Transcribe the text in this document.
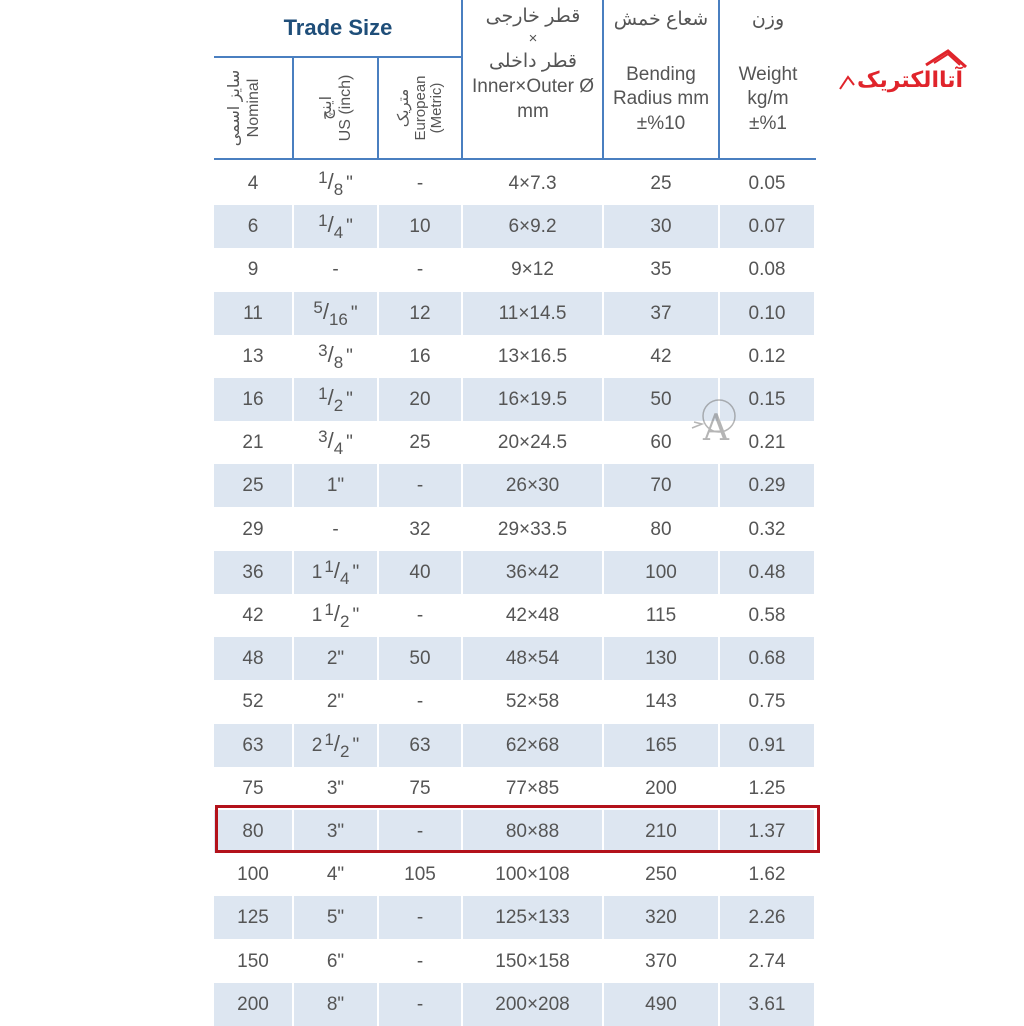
Trade Size
سایز اسمی Nominal	اینچ US (inch)	متریک European (Metric)
قطر خارجی
×
قطر داخلی
Inner×Outer Ø
mm
شعاع خمش
Bending
Radius mm
±%10
وزن
Weight
kg/m
±%1
4	$^1/_8$ "	-	4×7.3	25	0.05
6	$^1/_4$ "	10	6×9.2	30	0.07
9	-	-	9×12	35	0.08
11	$^5/_{16}$ "	12	11×14.5	37	0.10
13	$^3/_8$ "	16	13×16.5	42	0.12
16	$^1/_2$ "	20	16×19.5	50	0.15
21	$^3/_4$ "	25	20×24.5	60	0.21
25	1"	-	26×30	70	0.29
29	-	32	29×33.5	80	0.32
36	1 $^1/_4$ "	40	36×42	100	0.48
42	1 $^1/_2$ "	-	42×48	115	0.58
48	2"	50	48×54	130	0.68
52	2"	-	52×58	143	0.75
63	2 $^1/_2$ "	63	62×68	165	0.91
75	3"	75	77×85	200	1.25
80	3"	-	80×88	210	1.37
100	4"	105	100×108	250	1.62
125	5"	-	125×133	320	2.26
150	6"	-	150×158	370	2.74
200	8"	-	200×208	490	3.61
آتاالکتریک
A
